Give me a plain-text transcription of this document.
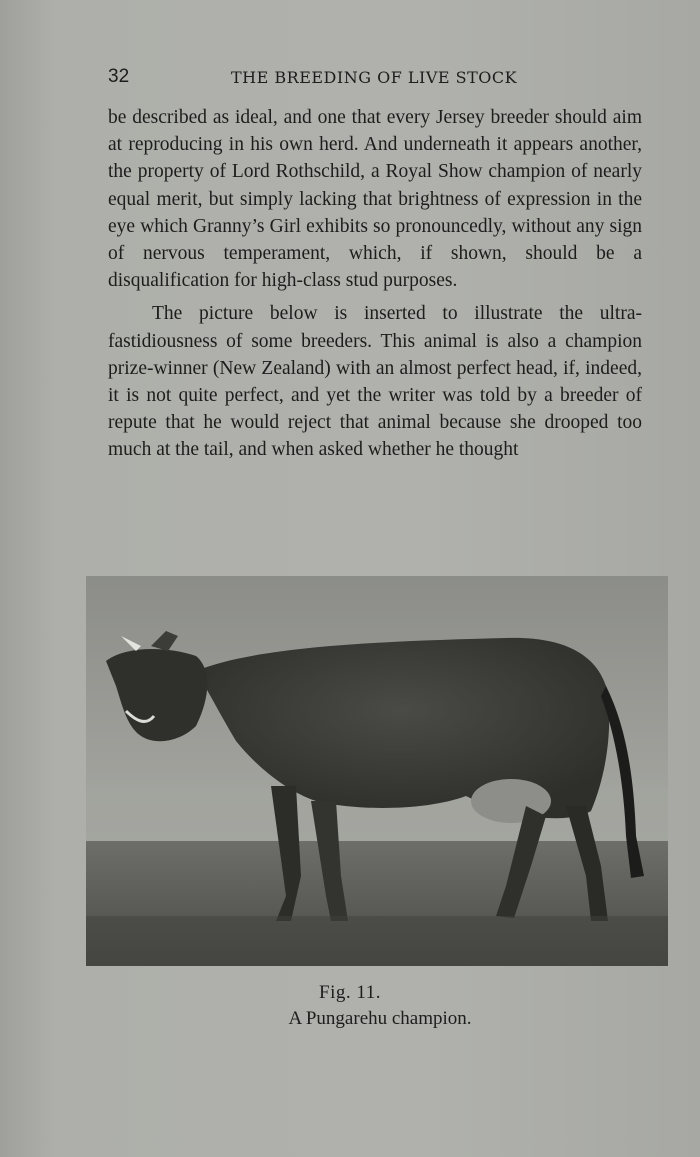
32	THE BREEDING OF LIVE STOCK

be described as ideal, and one that every Jersey breeder should aim at reproducing in his own herd. And underneath it appears another, the property of Lord Rothschild, a Royal Show champion of nearly equal merit, but simply lacking that brightness of expression in the eye which Granny’s Girl exhibits so pronouncedly, without any sign of nervous temperament, which, if shown, should be a disqualification for high-class stud purposes.

The picture below is inserted to illustrate the ultra-fastidiousness of some breeders. This animal is also a champion prize-winner (New Zealand) with an almost perfect head, if, indeed, it is not quite perfect, and yet the writer was told by a breeder of repute that he would reject that animal because she drooped too much at the tail, and when asked whether he thought

Fig. 11.
A Pungarehu champion.
